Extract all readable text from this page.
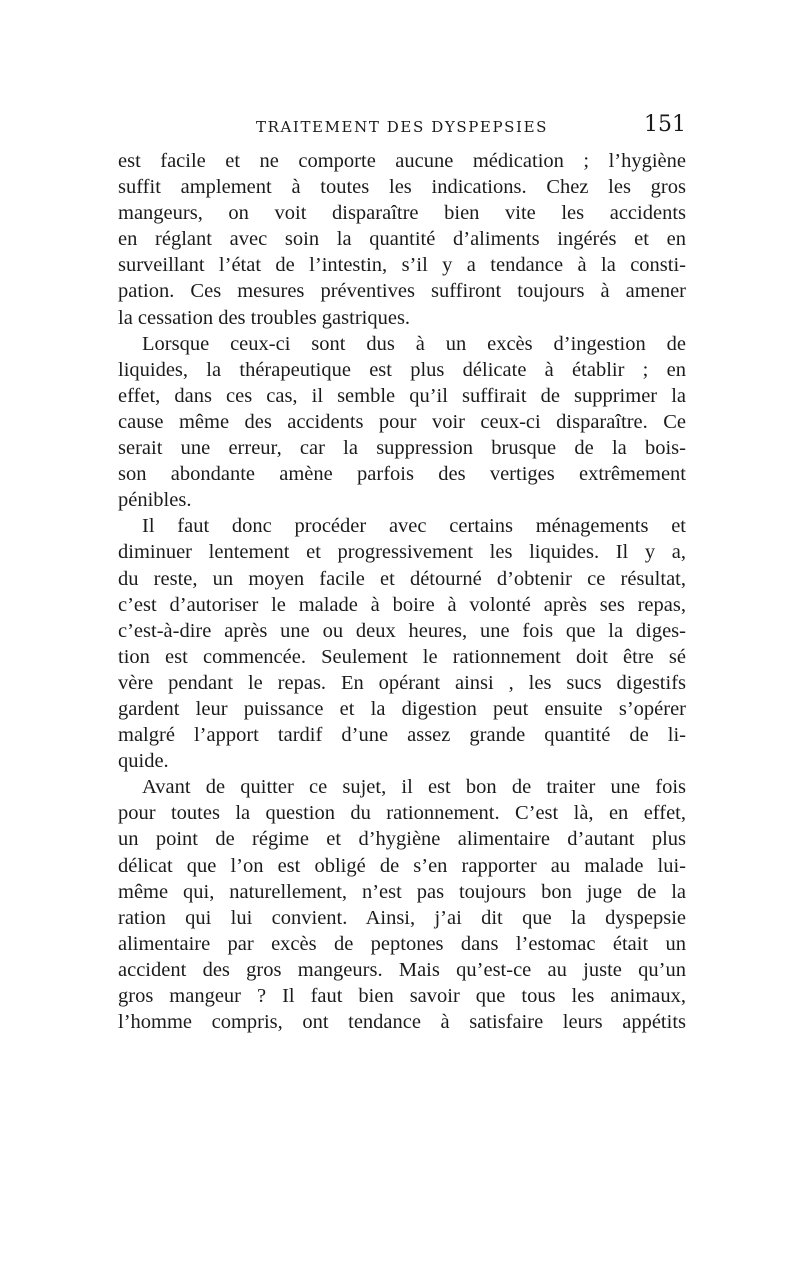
TRAITEMENT DES DYSPEPSIES	151
est facile et ne comporte aucune médication ; l’hygiène
suffit amplement à toutes les indications. Chez les gros
mangeurs, on voit disparaître bien vite les accidents
en réglant avec soin la quantité d’aliments ingérés et en
surveillant l’état de l’intestin, s’il y a tendance à la consti-
pation. Ces mesures préventives suffiront toujours à amener
la cessation des troubles gastriques.
Lorsque ceux-ci sont dus à un excès d’ingestion de
liquides, la thérapeutique est plus délicate à établir ; en
effet, dans ces cas, il semble qu’il suffirait de supprimer la
cause même des accidents pour voir ceux-ci disparaître. Ce
serait une erreur, car la suppression brusque de la bois-
son abondante amène parfois des vertiges extrêmement
pénibles.
Il faut donc procéder avec certains ménagements et
diminuer lentement et progressivement les liquides. Il y a,
du reste, un moyen facile et détourné d’obtenir ce résultat,
c’est d’autoriser le malade à boire à volonté après ses repas,
c’est-à-dire après une ou deux heures, une fois que la diges-
tion est commencée. Seulement le rationnement doit être sé
vère pendant le repas. En opérant ainsi , les sucs digestifs
gardent leur puissance et la digestion peut ensuite s’opérer
malgré l’apport tardif d’une assez grande quantité de li-
quide.
Avant de quitter ce sujet, il est bon de traiter une fois
pour toutes la question du rationnement. C’est là, en effet,
un point de régime et d’hygiène alimentaire d’autant plus
délicat que l’on est obligé de s’en rapporter au malade lui-
même qui, naturellement, n’est pas toujours bon juge de la
ration qui lui convient. Ainsi, j’ai dit que la dyspepsie
alimentaire par excès de peptones dans l’estomac était un
accident des gros mangeurs. Mais qu’est-ce au juste qu’un
gros mangeur ? Il faut bien savoir que tous les animaux,
l’homme compris, ont tendance à satisfaire leurs appétits
